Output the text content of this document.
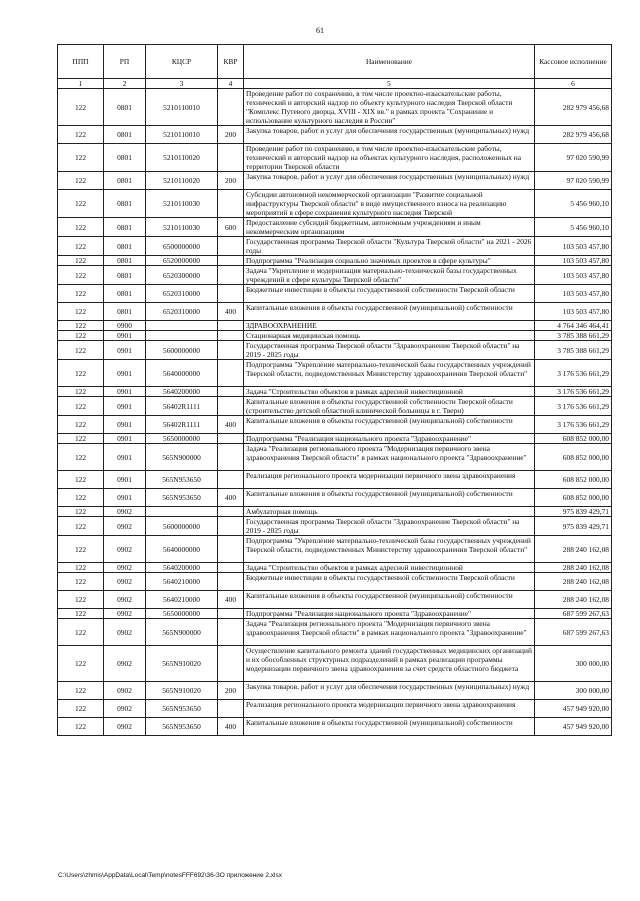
61
ППП	РП	КЦСР	КВР	Наименование	Кассовое исполнение
1	2	3	4	5	6
122	0801	5210110010		Проведение работ по сохранению, в том числе проектно-изыскательские работы, технический и авторский надзор по объекту культурного наследия Тверской области "Комплекс Путевого дворца, XVIII - XIX вв." в рамках проекта "Сохранение и использование культурного наследия в России"	282 979 456,68
122	0801	5210110010	200	Закупка товаров, работ и услуг для обеспечения государственных (муниципальных) нужд	282 979 456,68
122	0801	5210110020		Проведение работ по сохранению, в том числе проектно-изыскательские работы, технический и авторский надзор на объектах культурного наследия, расположенных на территории Тверской области	97 020 590,99
122	0801	5210110020	200	Закупка товаров, работ и услуг для обеспечения государственных (муниципальных) нужд	97 020 590,99
122	0801	5210110030		Субсидии автономной некоммерческой организации "Развитие социальной инфраструктуры Тверской области" в виде имущественного взноса на реализацию мероприятий в сфере сохранения культурного наследия Тверской	5 456 960,10
122	0801	5210110030	600	Предоставление субсидий бюджетным, автономным учреждениям и иным некоммерческим организациям	5 456 960,10
122	0801	6500000000		Государственная программа Тверской области "Культура Тверской области" на 2021 - 2026 годы	103 503 457,80
122	0801	6520000000		Подпрограмма "Реализация социально значимых проектов в сфере культуры"	103 503 457,80
122	0801	6520300000		Задача "Укрепление и модернизация материально-технической базы государственных учреждений в сфере культуры Тверской области"	103 503 457,80
122	0801	6520310000		Бюджетные инвестиции в объекты государственной собственности Тверской области	103 503 457,80
122	0801	6520310000	400	Капитальные вложения в объекты государственной (муниципальной) собственности	103 503 457,80
122	0900			ЗДРАВООХРАНЕНИЕ	4 764 346 464,41
122	0901			Стационарная медицинская помощь	3 785 388 661,29
122	0901	5600000000		Государственная программа Тверской области "Здравоохранение Тверской области" на 2019 - 2025 годы	3 785 388 661,29
122	0901	5640000000		Подпрограмма "Укрепление материально-технической базы государственных учреждений Тверской области, подведомственных Министерству здравоохранения Тверской области"	3 176 536 661,29
122	0901	5640200000		Задача "Строительство объектов в рамках адресной инвестиционной	3 176 536 661,29
122	0901	56402R1111		Капитальные вложения в объекты государственной собственности Тверской области (строительство детской областной клинической больницы в г. Твери)	3 176 536 661,29
122	0901	56402R1111	400	Капитальные вложения в объекты государственной (муниципальной) собственности	3 176 536 661,29
122	0901	5650000000		Подпрограмма "Реализация национального проекта "Здравоохранение"	608 852 000,00
122	0901	565N900000		Задача "Реализация регионального проекта "Модернизация первичного звена здравоохранения Тверской области" в рамках национального проекта "Здравоохранение"	608 852 000,00
122	0901	565N953650		Реализация регионального проекта модернизации первичного звена здравоохранения	608 852 000,00
122	0901	565N953650	400	Капитальные вложения в объекты государственной (муниципальной) собственности	608 852 000,00
122	0902			Амбулаторная помощь	975 839 429,71
122	0902	5600000000		Государственная программа Тверской области "Здравоохранение Тверской области" на 2019 - 2025 годы	975 839 429,71
122	0902	5640000000		Подпрограмма "Укрепление материально-технической базы государственных учреждений Тверской области, подведомственных Министерству здравоохранения Тверской области"	288 240 162,08
122	0902	5640200000		Задача "Строительство объектов в рамках адресной инвестиционной	288 240 162,08
122	0902	5640210000		Бюджетные инвестиции в объекты государственной собственности Тверской области	288 240 162,08
122	0902	5640210000	400	Капитальные вложения в объекты государственной (муниципальной) собственности	288 240 162,08
122	0902	5650000000		Подпрограмма "Реализация национального проекта "Здравоохранение"	687 599 267,63
122	0902	565N900000		Задача "Реализация регионального проекта "Модернизация первичного звена здравоохранения Тверской области" в рамках национального проекта "Здравоохранение"	687 599 267,63
122	0902	565N910020		Осуществление капитального ремонта зданий государственных медицинских организаций и их обособленных структурных подразделений в рамках реализации программы модернизации первичного звена здравоохранения за счет средств областного бюджета	300 000,00
122	0902	565N910020	200	Закупка товаров, работ и услуг для обеспечения государственных (муниципальных) нужд	300 000,00
122	0902	565N953650		Реализация регионального проекта модернизации первичного звена здравоохранения	457 949 920,00
122	0902	565N953650	400	Капитальные вложения в объекты государственной (муниципальной) собственности	457 949 920,00
C:\Users\zhmis\AppData\Local\Temp\notesFFF692\36-ЗО приложение 2.xlsx
